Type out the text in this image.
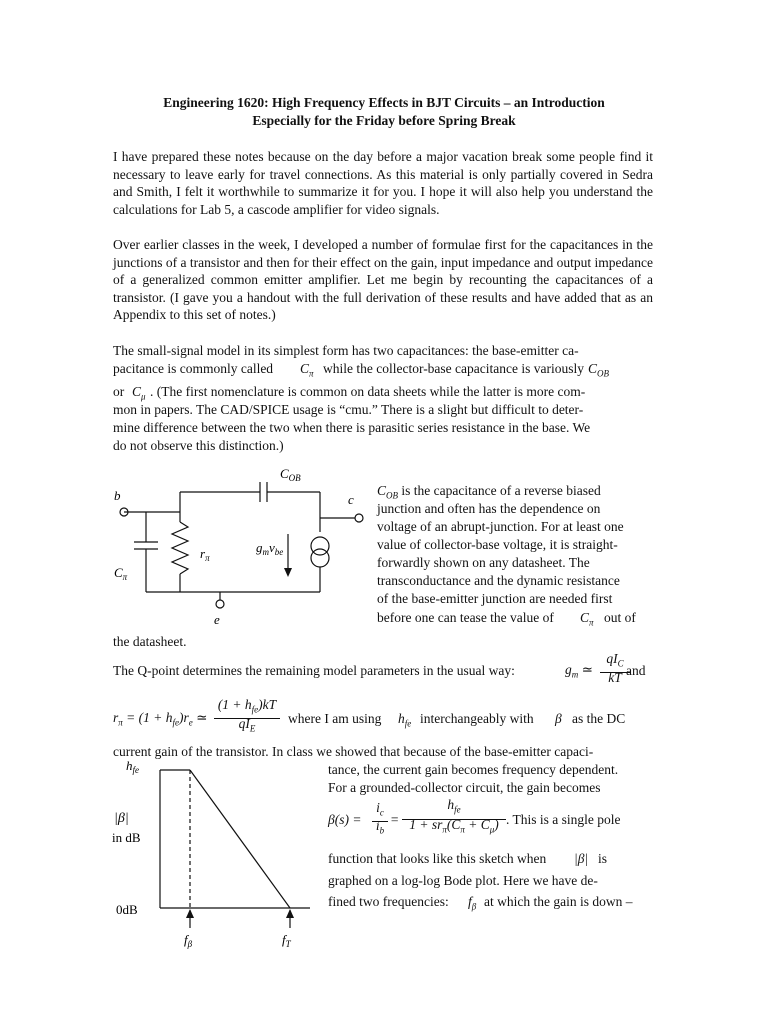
Engineering 1620: High Frequency Effects in BJT Circuits – an Introduction
Especially for the Friday before Spring Break
I have prepared these notes because on the day before a major vacation break some people find it necessary to leave early for travel connections. As this material is only partially covered in Sedra and Smith, I felt it worthwhile to summarize it for you. I hope it will also help you understand the calculations for Lab 5, a cascode amplifier for video signals.
Over earlier classes in the week, I developed a number of formulae first for the capacitances in the junctions of a transistor and then for their effect on the gain, input impedance and output impedance of a generalized common emitter amplifier. Let me begin by recounting the capacitances of a transistor. (I gave you a handout with the full derivation of these results and have added that as an Appendix to this set of notes.)
The small-signal model in its simplest form has two capacitances: the base-emitter ca-
pacitance is commonly called $C_\pi$ while the collector-base capacitance is variously $C_{OB}$
or $C_\mu$ . (The first nomenclature is common on data sheets while the latter is more com-
mon in papers. The CAD/SPICE usage is “cmu.” There is a slight but difficult to deter-
mine difference between the two when there is parasitic series resistance in the base. We
do not observe this distinction.)
b	c
e
$C_{OB}$
$C_\pi$
$r_\pi$
$g_mv_{be}$
$C_{OB}$ is the capacitance of a reverse biased
junction and often has the dependence on
voltage of an abrupt-junction. For at least one
value of collector-base voltage, it is straight-
forwardly shown on any datasheet. The
transconductance and the dynamic resistance
of the base-emitter junction are needed first
before one can tease the value of $C_\pi$ out of
the datasheet.
The Q-point determines the remaining model parameters in the usual way:	$g_m$ ≃
$qI_C$
kT and
$r_\pi = (1 + h_{fe})r_e$ ≃
$(1 + h_{fe})kT$
$qI_E$
where I am using $h_{fe}$ interchangeably with β as the DC
current gain of the transistor. In class we showed that because of the base-emitter capaci-
$h_{fe}$
|β|
in dB
0dB
$f_\beta$	$f_T$
tance, the current gain becomes frequency dependent.
For a grounded-collector circuit, the gain becomes
β(s) =
$i_c$
$i_b$
=
$h_{fe}$
$1 + sr_\pi(C_\pi + C_\mu)$ . This is a single pole
function that looks like this sketch when |β| is
graphed on a log-log Bode plot. Here we have de-
fined two frequencies: $f_\beta$ at which the gain is down –
